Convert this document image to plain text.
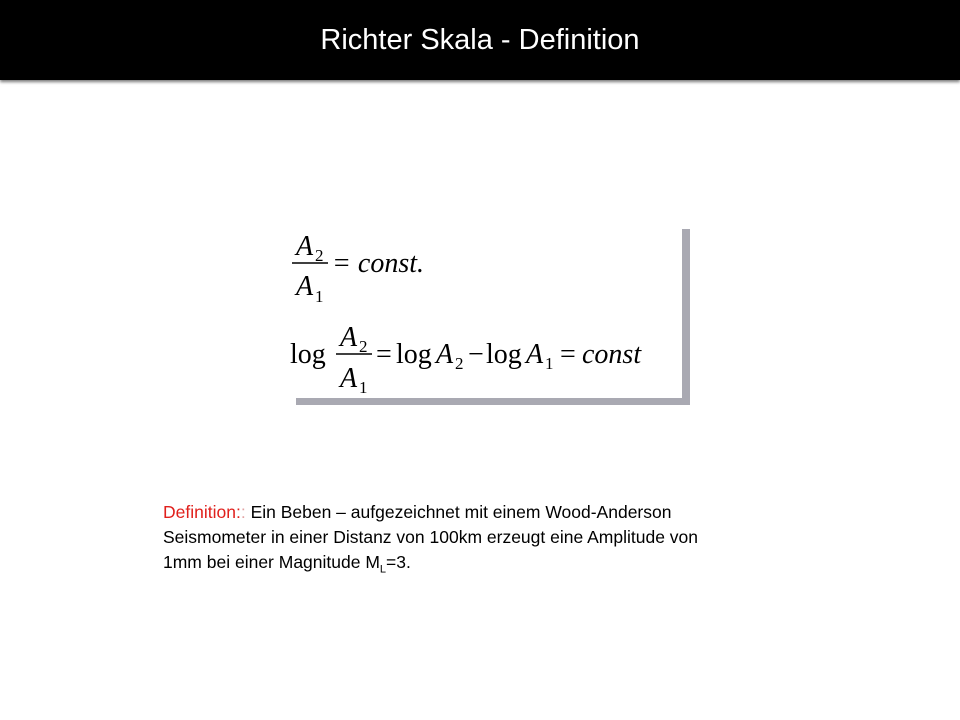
Richter Skala - Definition
A 2
A 1
= const.
log
A 2
A 1
= log A 2 − log A 1 = const
Definition:: Ein Beben – aufgezeichnet mit einem Wood-Anderson
Seismometer in einer Distanz von 100km erzeugt eine Amplitude von
1mm bei einer Magnitude $M_L=3$.
